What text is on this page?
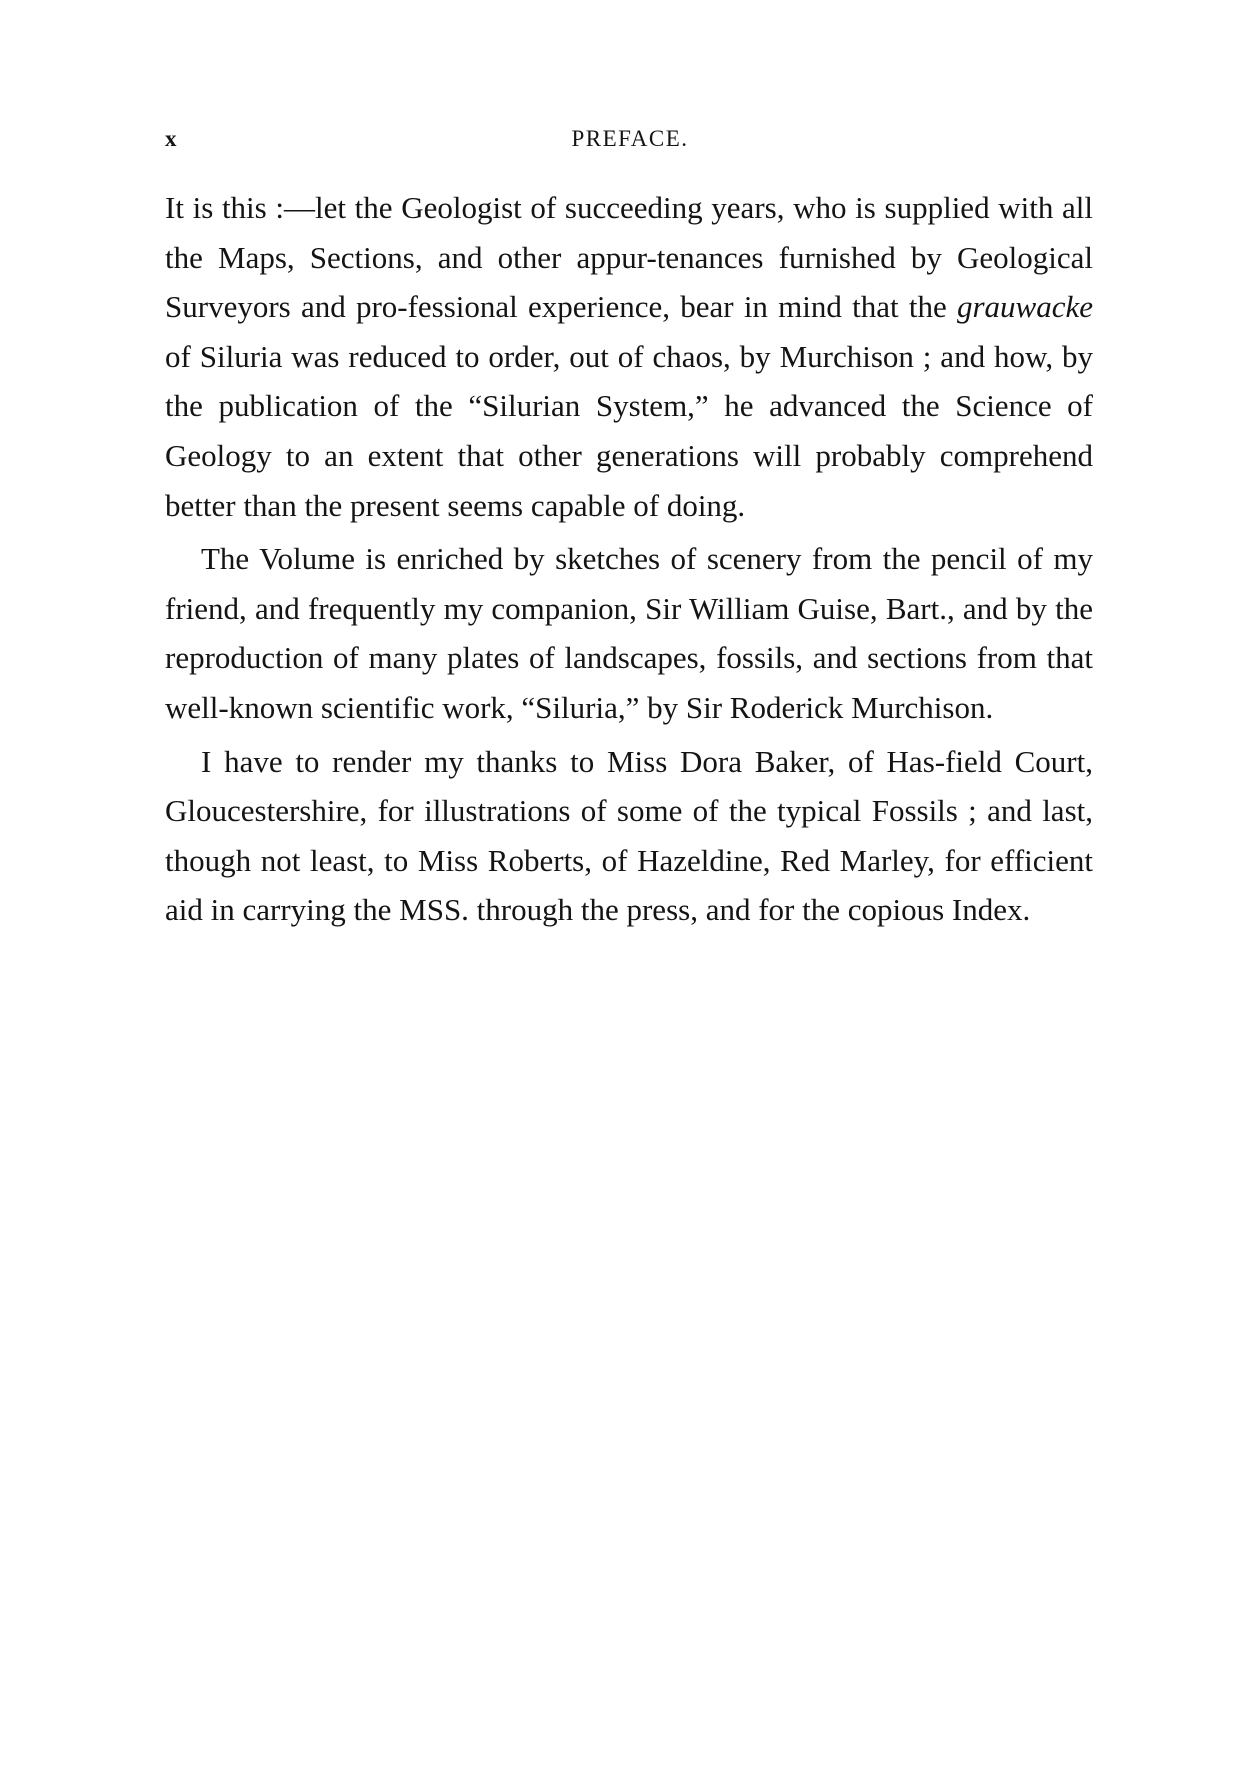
x	PREFACE.

It is this :—let the Geologist of succeeding years, who is supplied with all the Maps, Sections, and other appur-tenances furnished by Geological Surveyors and pro-fessional experience, bear in mind that the grauwacke of Siluria was reduced to order, out of chaos, by Murchison ; and how, by the publication of the “Silurian System,” he advanced the Science of Geology to an extent that other generations will probably comprehend better than the present seems capable of doing.

The Volume is enriched by sketches of scenery from the pencil of my friend, and frequently my companion, Sir William Guise, Bart., and by the reproduction of many plates of landscapes, fossils, and sections from that well-known scientific work, “Siluria,” by Sir Roderick Murchison.

I have to render my thanks to Miss Dora Baker, of Has-field Court, Gloucestershire, for illustrations of some of the typical Fossils ; and last, though not least, to Miss Roberts, of Hazeldine, Red Marley, for efficient aid in carrying the MSS. through the press, and for the copious Index.
